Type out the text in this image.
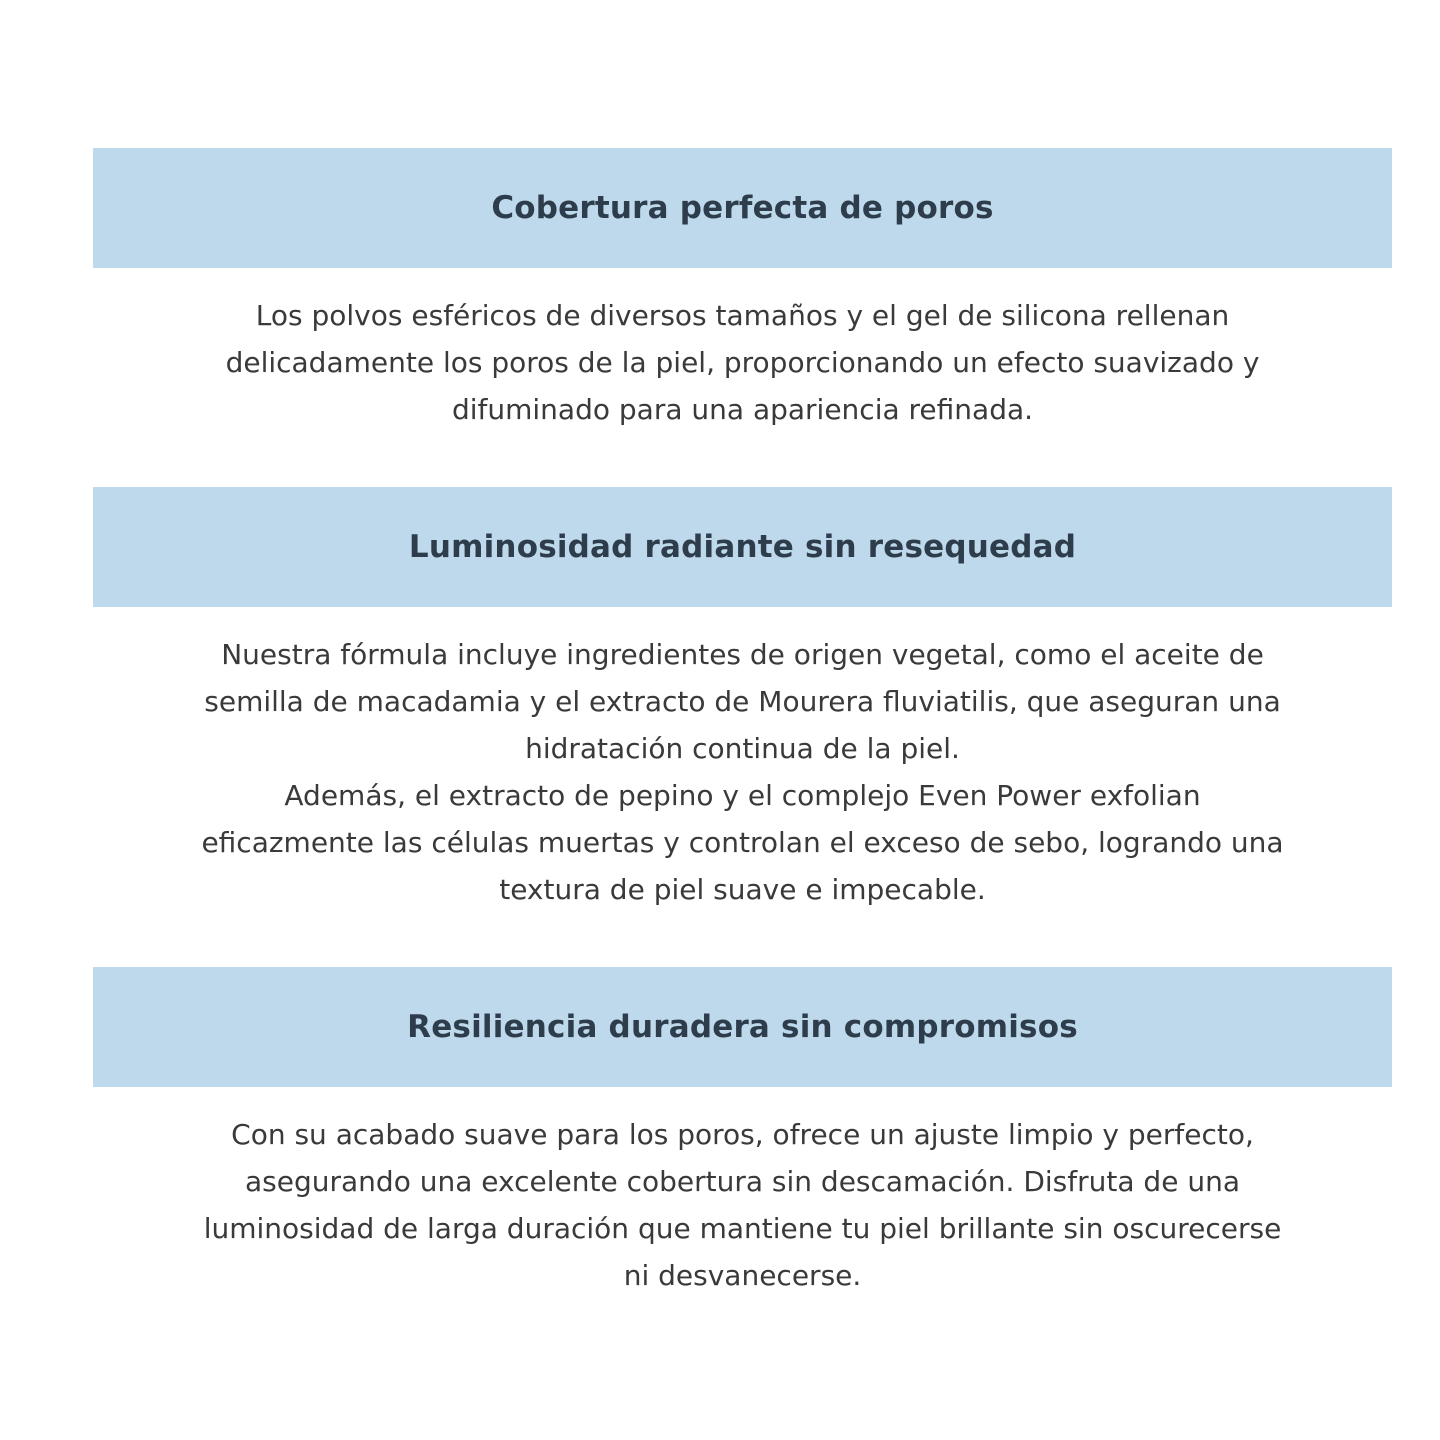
Cobertura perfecta de poros

Los polvos esféricos de diversos tamaños y el gel de silicona rellenan
delicadamente los poros de la piel, proporcionando un efecto suavizado y
difuminado para una apariencia refinada.

Luminosidad radiante sin resequedad

Nuestra fórmula incluye ingredientes de origen vegetal, como el aceite de
semilla de macadamia y el extracto de Mourera fluviatilis, que aseguran una
hidratación continua de la piel.
Además, el extracto de pepino y el complejo Even Power exfolian
eficazmente las células muertas y controlan el exceso de sebo, logrando una
textura de piel suave e impecable.

Resiliencia duradera sin compromisos

Con su acabado suave para los poros, ofrece un ajuste limpio y perfecto,
asegurando una excelente cobertura sin descamación. Disfruta de una
luminosidad de larga duración que mantiene tu piel brillante sin oscurecerse
ni desvanecerse.
